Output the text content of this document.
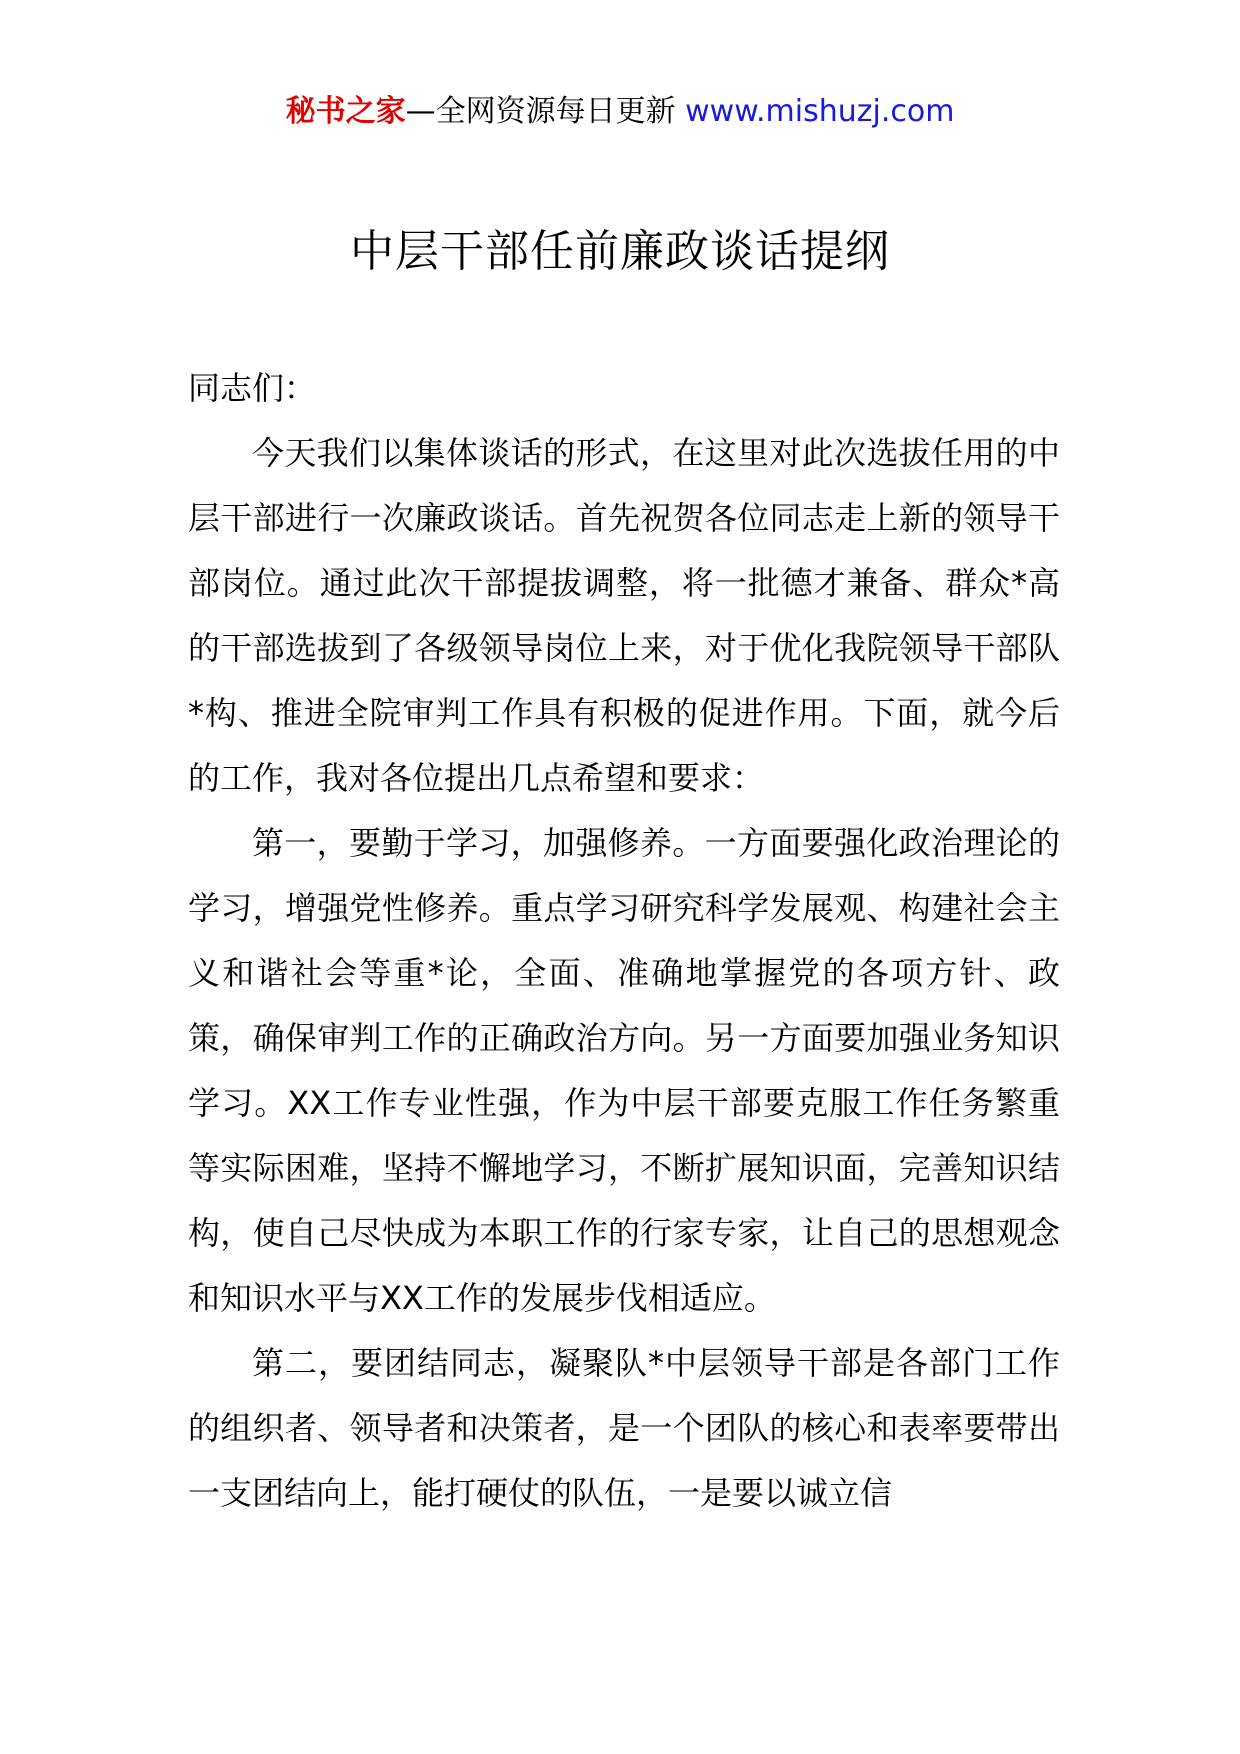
秘书之家—全网资源每日更新 www.mishuzj.com
中层干部任前廉政谈话提纲

同志们：

今天我们以集体谈话的形式，在这里对此次选拔任用的中层干部进行一次廉政谈话。首先祝贺各位同志走上新的领导干部岗位。通过此次干部提拔调整，将一批德才兼备、群众*高的干部选拔到了各级领导岗位上来，对于优化我院领导干部队*构、推进全院审判工作具有积极的促进作用。下面，就今后的工作，我对各位提出几点希望和要求：

第一，要勤于学习，加强修养。一方面要强化政治理论的学习，增强党性修养。重点学习研究科学发展观、构建社会主义和谐社会等重*论，全面、准确地掌握党的各项方针、政策，确保审判工作的正确政治方向。另一方面要加强业务知识学习。XX工作专业性强，作为中层干部要克服工作任务繁重等实际困难，坚持不懈地学习，不断扩展知识面，完善知识结构，使自己尽快成为本职工作的行家专家，让自己的思想观念和知识水平与XX工作的发展步伐相适应。

第二，要团结同志，凝聚队*中层领导干部是各部门工作的组织者、领导者和决策者，是一个团队的核心和表率要带出一支团结向上，能打硬仗的队伍，一是要以诚立信
